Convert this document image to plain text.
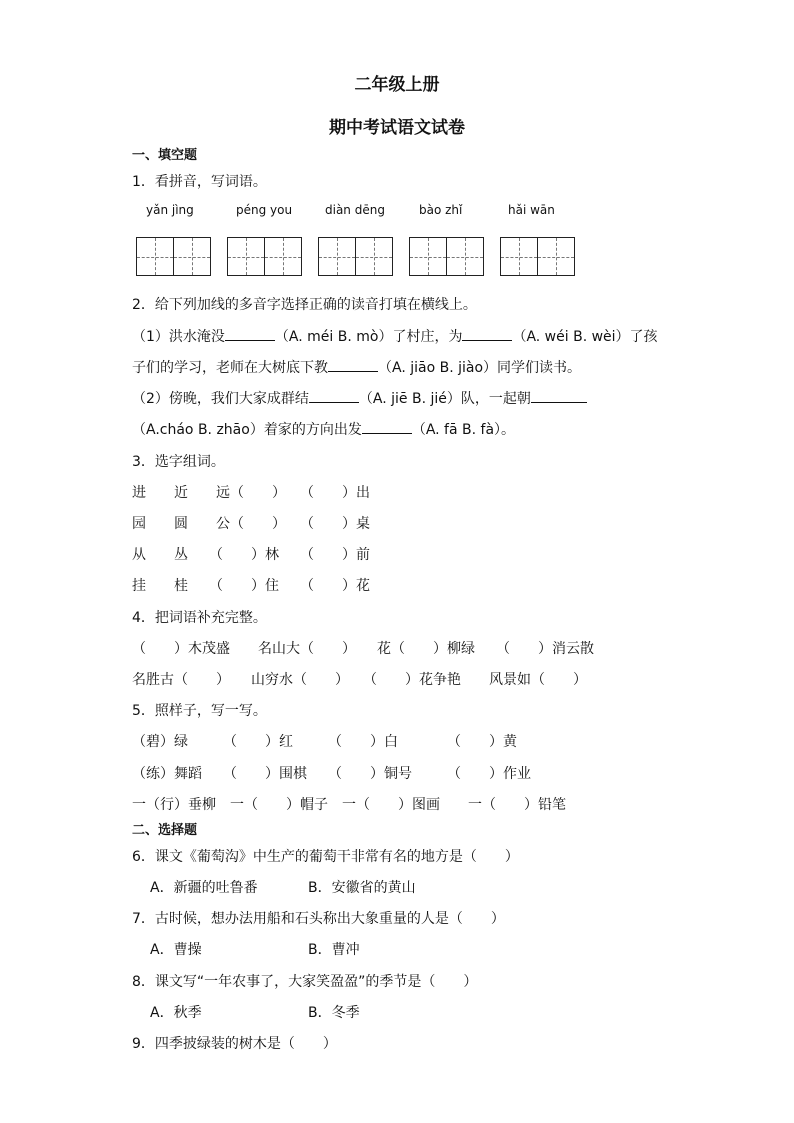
二年级上册
期中考试语文试卷
一、填空题
1．看拼音，写词语。
yǎn jìng	péng you	diàn dēng	bào zhǐ	hǎi wān
2．给下列加线的多音字选择正确的读音打填在横线上。
（1）洪水淹没	（A. méi B. mò）了村庄，为	（A. wéi B. wèi）了孩
子们的学习，老师在大树底下教	（A. jiāo B. jiào）同学们读书。
（2）傍晚，我们大家成群结	（A. jiē B. jié）队，一起朝
（A.cháo B. zhāo）着家的方向出发	（A. fā B. fà）。
3．选字组词。
进　　近　　远（　　）　　（　　）出
园　　圆　　公（　　）　　（　　）桌
从　　丛　　（　　）林　　（　　）前
挂　　桂　　（　　）住　　（　　）花
4．把词语补充完整。
（　　）木茂盛　　名山大（　　）　　花（　　）柳绿　　（　　）消云散
名胜古（　　）　　山穷水（　　）　　（　　）花争艳　　风景如（　　）
5．照样子，写一写。
（碧）绿　　　（　　）红　　　（　　）白　　　　（　　）黄
（练）舞蹈　　（　　）围棋　　（　　）铜号　　　（　　）作业
一（行）垂柳　一（　　）帽子　一（　　）图画　　一（　　）铅笔
二、选择题
6．课文《葡萄沟》中生产的葡萄干非常有名的地方是（　　）
A．新疆的吐鲁番	B．安徽省的黄山
7．古时候，想办法用船和石头称出大象重量的人是（　　）
A．曹操	B．曹冲
8．课文写“一年农事了，大家笑盈盈”的季节是（　　）
A．秋季	B．冬季
9．四季披绿装的树木是（　　）
